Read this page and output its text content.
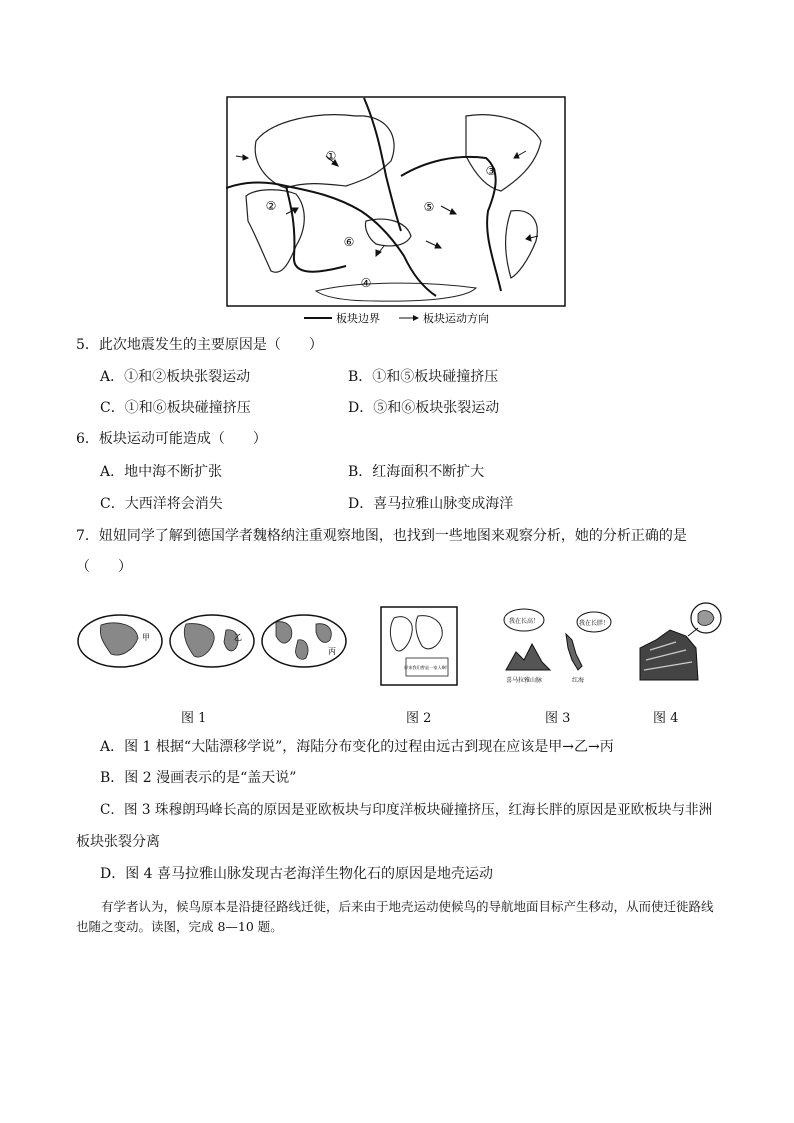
①
②
③
④
⑤
⑥
板块边界	板块运动方向
5．此次地震发生的主要原因是（　　）
A．①和②板块张裂运动	B．①和⑤板块碰撞挤压
C．①和⑥板块碰撞挤压	D．⑤和⑥板块张裂运动
6．板块运动可能造成（　　）
A．地中海不断扩张	B．红海面积不断扩大
C．大西洋将会消失	D．喜马拉雅山脉变成海洋
7．妞妞同学了解到德国学者魏格纳注重观察地图，也找到一些地图来观察分析，她的分析正确的是
（　　）
甲	乙
丙
原来我们曾是一家人啊！
我在长高！	我在长胖！
喜马拉雅山脉	红海
图 1	图 2	图 3	图 4
A．图 1 根据“大陆漂移学说”，海陆分布变化的过程由远古到现在应该是甲→乙→丙
B．图 2 漫画表示的是“盖天说”
C．图 3 珠穆朗玛峰长高的原因是亚欧板块与印度洋板块碰撞挤压，红海长胖的原因是亚欧板块与非洲
板块张裂分离
D．图 4 喜马拉雅山脉发现古老海洋生物化石的原因是地壳运动
有学者认为，候鸟原本是沿捷径路线迁徙，后来由于地壳运动使候鸟的导航地面目标产生移动，从而使迁徙路线也随之变动。读图，完成 8—10 题。
